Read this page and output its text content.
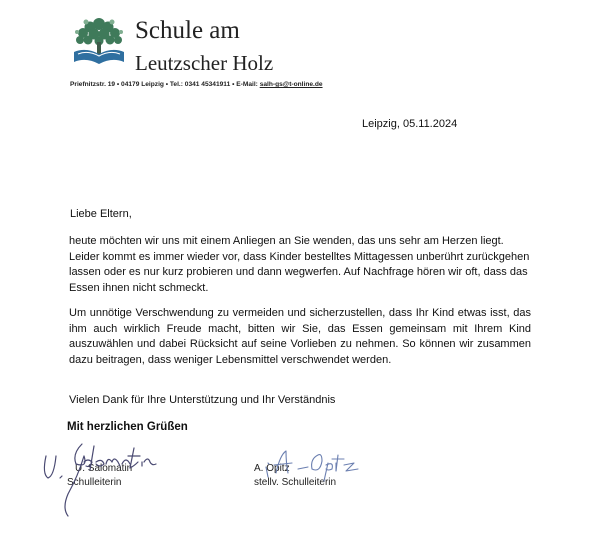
Schule am
Leutzscher Holz
Priefnitzstr. 19 • 04179 Leipzig • Tel.: 0341 45341911 • E-Mail: salh-gs@t-online.de
Leipzig, 05.11.2024
Liebe Eltern,

heute möchten wir uns mit einem Anliegen an Sie wenden, das uns sehr am Herzen liegt. Leider kommt es immer wieder vor, dass Kinder bestelltes Mittagessen unberührt zurückgehen lassen oder es nur kurz probieren und dann wegwerfen. Auf Nachfrage hören wir oft, dass das Essen ihnen nicht schmeckt.

Um unnötige Verschwendung zu vermeiden und sicherzustellen, dass Ihr Kind etwas isst, das ihm auch wirklich Freude macht, bitten wir Sie, das Essen gemeinsam mit Ihrem Kind auszuwählen und dabei Rücksicht auf seine Vorlieben zu nehmen. So können wir zusammen dazu beitragen, dass weniger Lebensmittel verschwendet werden.

Vielen Dank für Ihre Unterstützung und Ihr Verständnis
Mit herzlichen Grüßen
U. Salomatin
Schulleiterin
A. Opitz
stellv. Schulleiterin
